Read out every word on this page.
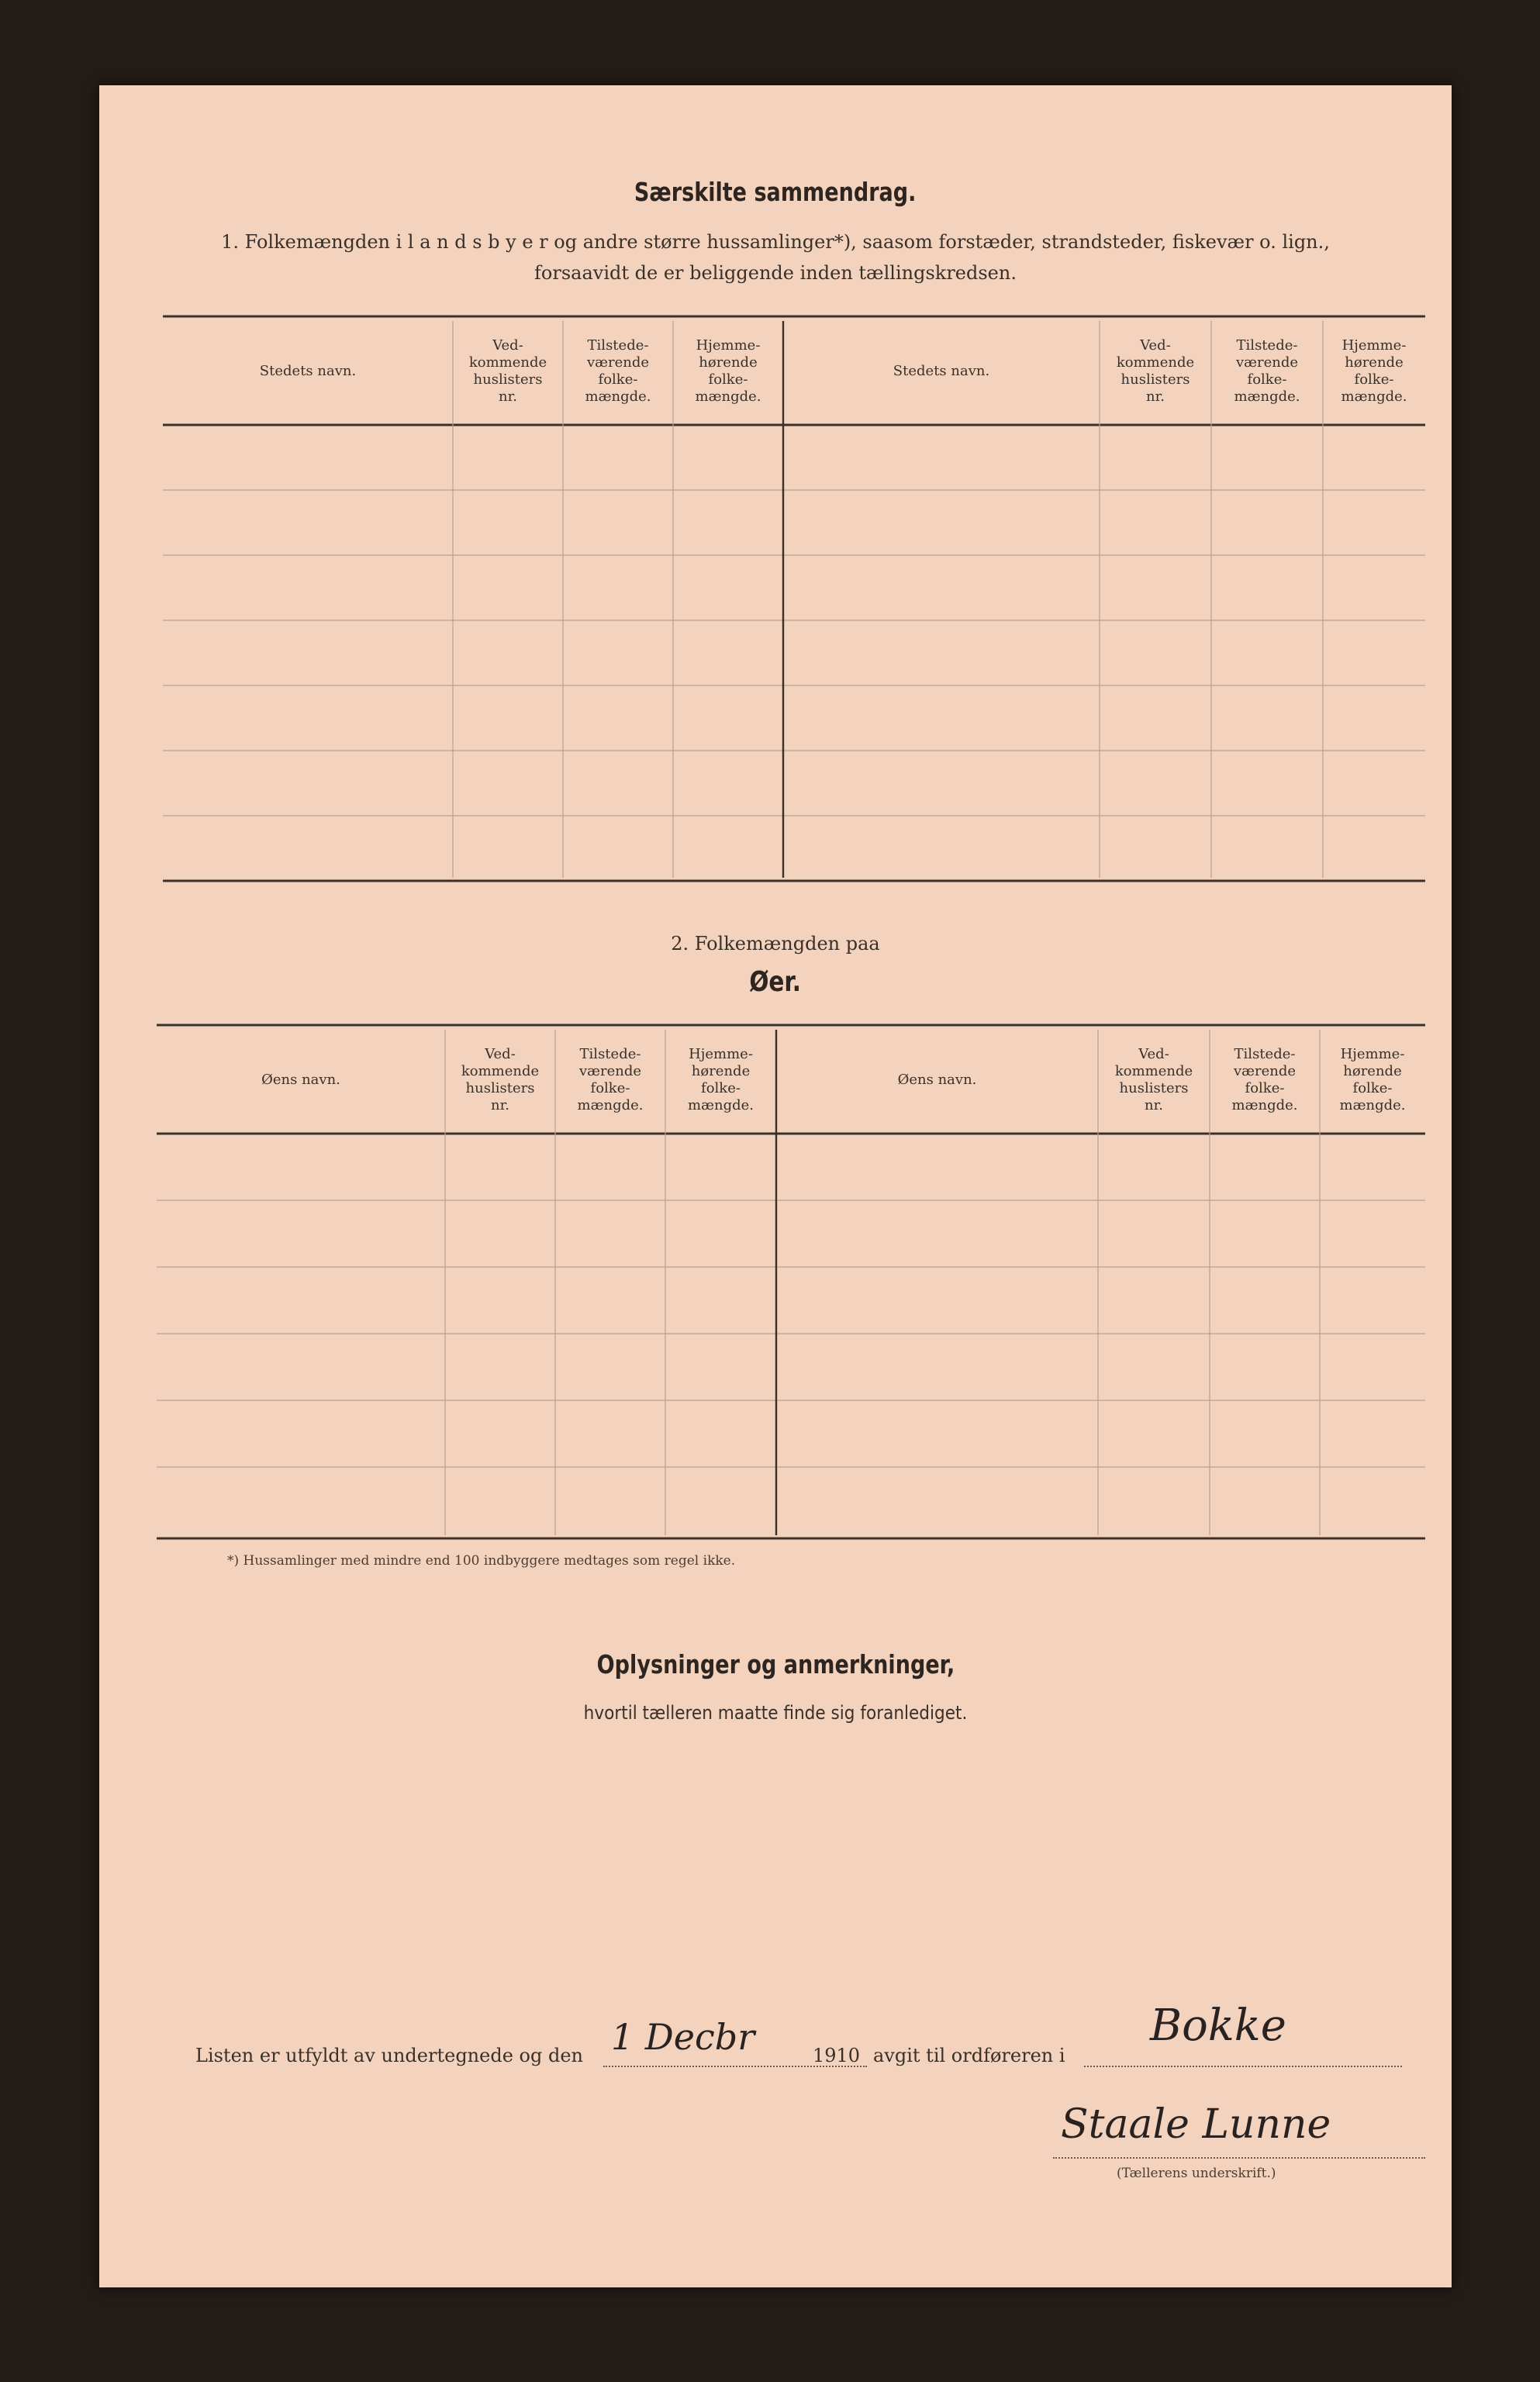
Særskilte sammendrag.
1. Folkemængden i l a n d s b y e r og andre større hussamlinger*), saasom forstæder, strandsteder, fiskevær o. lign.,
forsaavidt de er beliggende inden tællingskredsen.
Stedets navn.
Ved-kommende huslisters nr.
Tilstede-værende folke-mængde.
Hjemme-hørende folke-mængde.
Stedets navn.
Ved-kommende huslisters nr.
Tilstede-værende folke-mængde.
Hjemme-hørende folke-mængde.
Øens navn.
Ved-kommende huslisters nr.
Tilstede-værende folke-mængde.
Hjemme-hørende folke-mængde.
Øens navn.
Ved-kommende huslisters nr.
Tilstede-værende folke-mængde.
Hjemme-hørende folke-mængde.
2. Folkemængden paa
Øer.
*) Hussamlinger med mindre end 100 indbyggere medtages som regel ikke.
Oplysninger og anmerkninger,
hvortil tælleren maatte finde sig foranlediget.
Listen er utfyldt av undertegnede og den 1 Decbr	1910 avgit til ordføreren i
Bokke
Staale Lunne
(Tællerens underskrift.)
